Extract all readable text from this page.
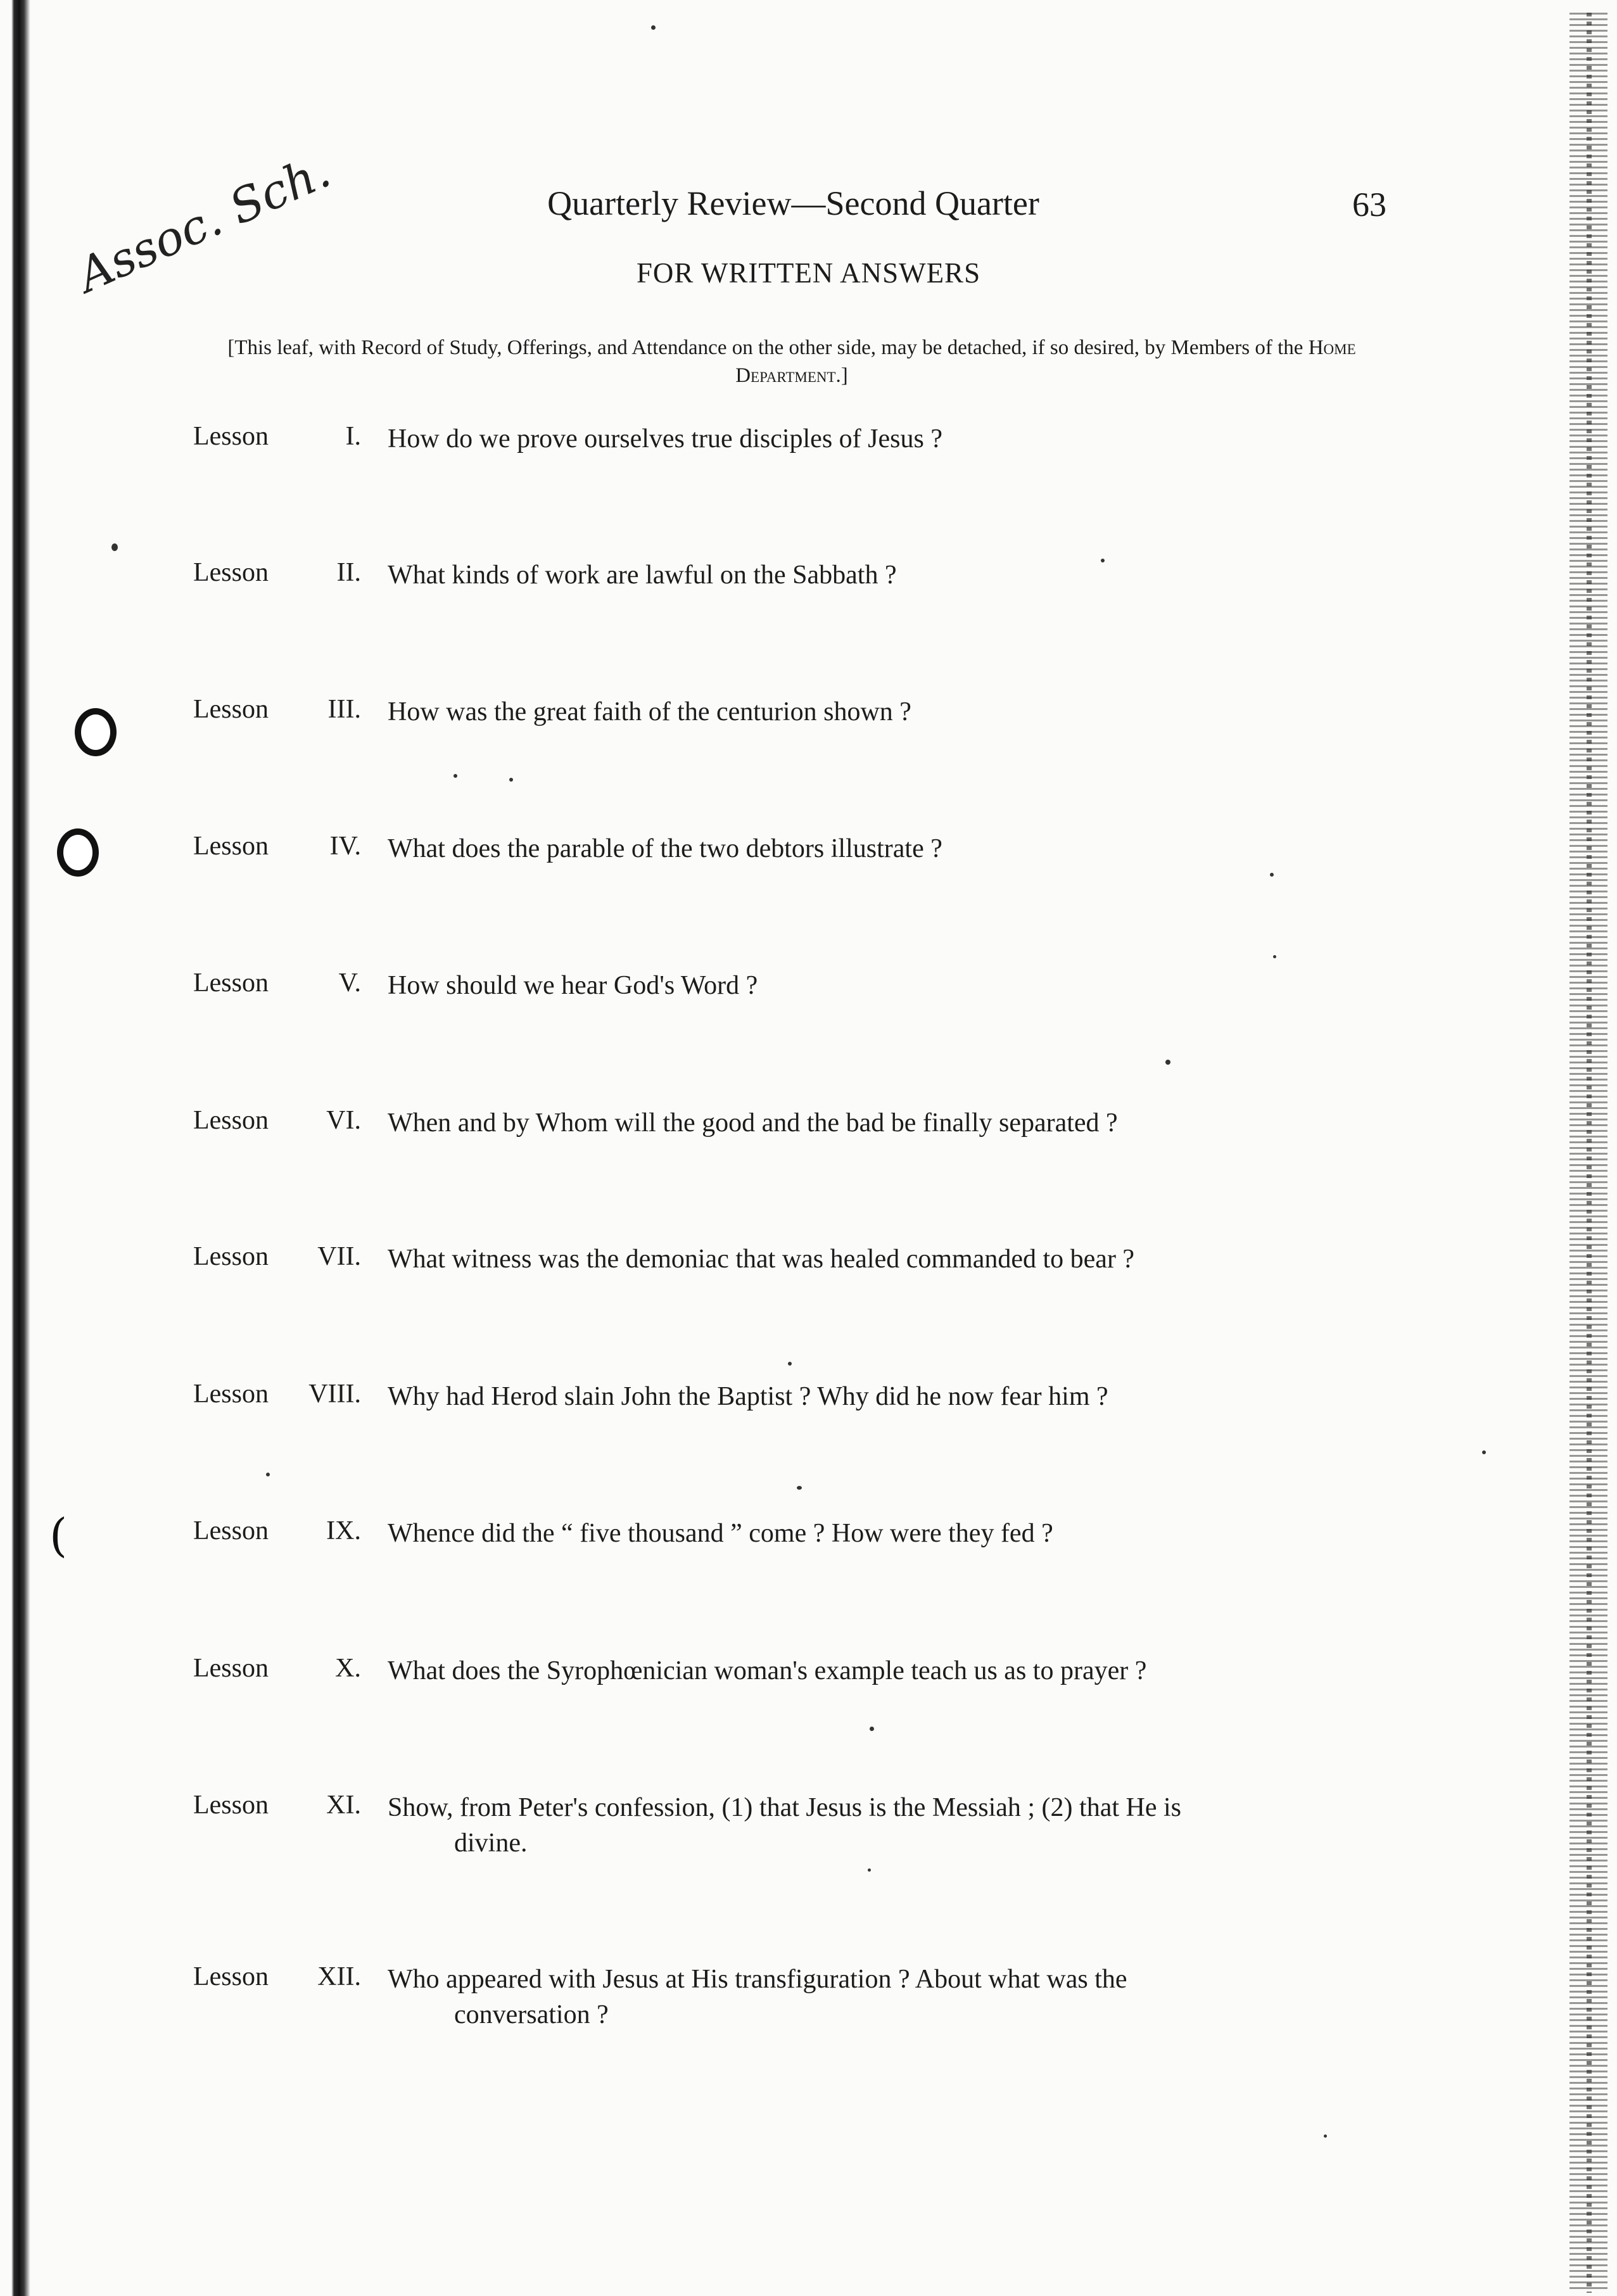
Assoc. Sch.	Quarterly Review—Second Quarter	63
FOR WRITTEN ANSWERS
[This leaf, with Record of Study, Offerings, and Attendance on the other side, may be detached, if so desired, by Members of the Home Department.]
Lesson	I. How do we prove ourselves true disciples of Jesus ?
Lesson	II. What kinds of work are lawful on the Sabbath ?
Lesson	III. How was the great faith of the centurion shown ?
Lesson	IV. What does the parable of the two debtors illustrate ?
Lesson	V. How should we hear God's Word ?
Lesson	VI. When and by Whom will the good and the bad be finally separated ?
Lesson	VII. What witness was the demoniac that was healed commanded to bear ?
Lesson	VIII. Why had Herod slain John the Baptist ? Why did he now fear him ?
Lesson	IX. Whence did the “ five thousand ” come ? How were they fed ?
Lesson	X. What does the Syrophœnician woman's example teach us as to prayer ?
Lesson	XI. Show, from Peter's confession, (1) that Jesus is the Messiah ; (2) that He is
divine.
Lesson	XII. Who appeared with Jesus at His transfiguration ? About what was the
conversation ?
(
